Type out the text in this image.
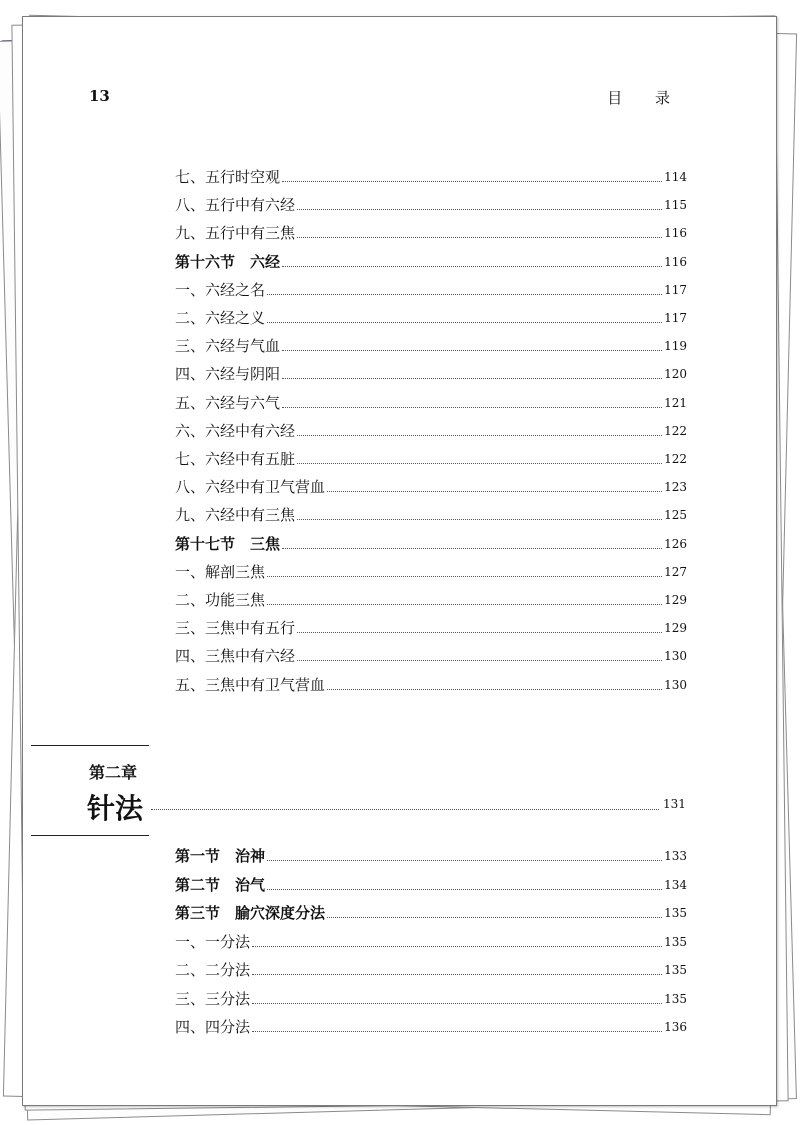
13	目 录
七、五行时空观	114
八、五行中有六经	115
九、五行中有三焦	116
第十六节　六经	116
一、六经之名	117
二、六经之义	117
三、六经与气血	119
四、六经与阴阳	120
五、六经与六气	121
六、六经中有六经	122
七、六经中有五脏	122
八、六经中有卫气营血	123
九、六经中有三焦	125
第十七节　三焦	126
一、解剖三焦	127
二、功能三焦	129
三、三焦中有五行	129
四、三焦中有六经	130
五、三焦中有卫气营血	130
第二章
针法	131
第一节　治神	133
第二节　治气	134
第三节　腧穴深度分法	135
一、一分法	135
二、二分法	135
三、三分法	135
四、四分法	136
